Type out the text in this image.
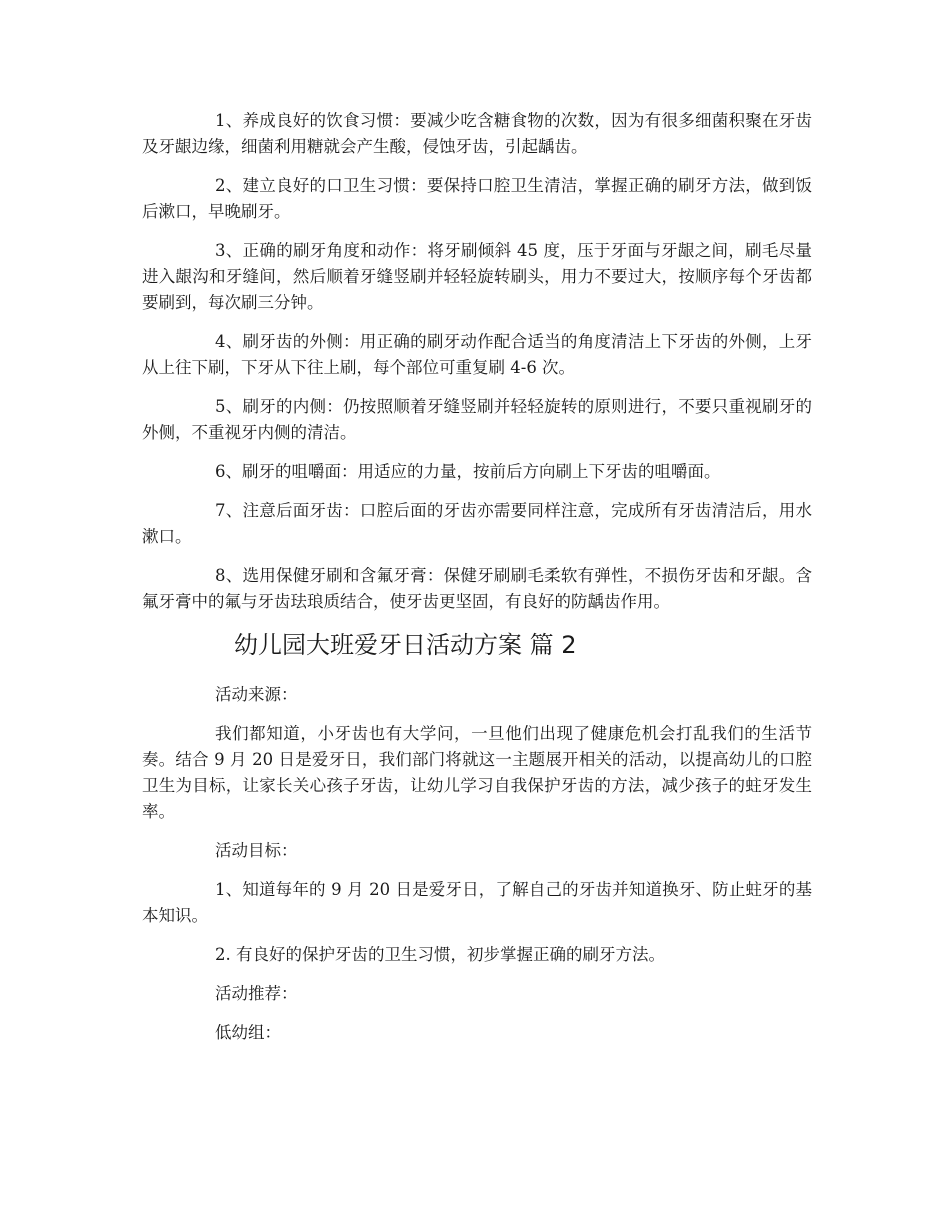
1、养成良好的饮食习惯：要减少吃含糖食物的次数，因为有很多细菌积聚在牙齿及牙龈边缘，细菌利用糖就会产生酸，侵蚀牙齿，引起龋齿。

2、建立良好的口卫生习惯：要保持口腔卫生清洁，掌握正确的刷牙方法，做到饭后漱口，早晚刷牙。

3、正确的刷牙角度和动作：将牙刷倾斜 45 度，压于牙面与牙龈之间，刷毛尽量进入龈沟和牙缝间，然后顺着牙缝竖刷并轻轻旋转刷头，用力不要过大，按顺序每个牙齿都要刷到，每次刷三分钟。

4、刷牙齿的外侧：用正确的刷牙动作配合适当的角度清洁上下牙齿的外侧，上牙从上往下刷，下牙从下往上刷，每个部位可重复刷 4-6 次。

5、刷牙的内侧：仍按照顺着牙缝竖刷并轻轻旋转的原则进行，不要只重视刷牙的外侧，不重视牙内侧的清洁。

6、刷牙的咀嚼面：用适应的力量，按前后方向刷上下牙齿的咀嚼面。

7、注意后面牙齿：口腔后面的牙齿亦需要同样注意，完成所有牙齿清洁后，用水漱口。

8、选用保健牙刷和含氟牙膏：保健牙刷刷毛柔软有弹性，不损伤牙齿和牙龈。含氟牙膏中的氟与牙齿珐琅质结合，使牙齿更坚固，有良好的防龋齿作用。

幼儿园大班爱牙日活动方案 篇 2

活动来源：

我们都知道，小牙齿也有大学问，一旦他们出现了健康危机会打乱我们的生活节奏。结合 9 月 20 日是爱牙日，我们部门将就这一主题展开相关的活动，以提高幼儿的口腔卫生为目标，让家长关心孩子牙齿，让幼儿学习自我保护牙齿的方法，减少孩子的蛀牙发生率。

活动目标：

1、知道每年的 9 月 20 日是爱牙日，了解自己的牙齿并知道换牙、防止蛀牙的基本知识。

2. 有良好的保护牙齿的卫生习惯，初步掌握正确的刷牙方法。

活动推荐：

低幼组：
